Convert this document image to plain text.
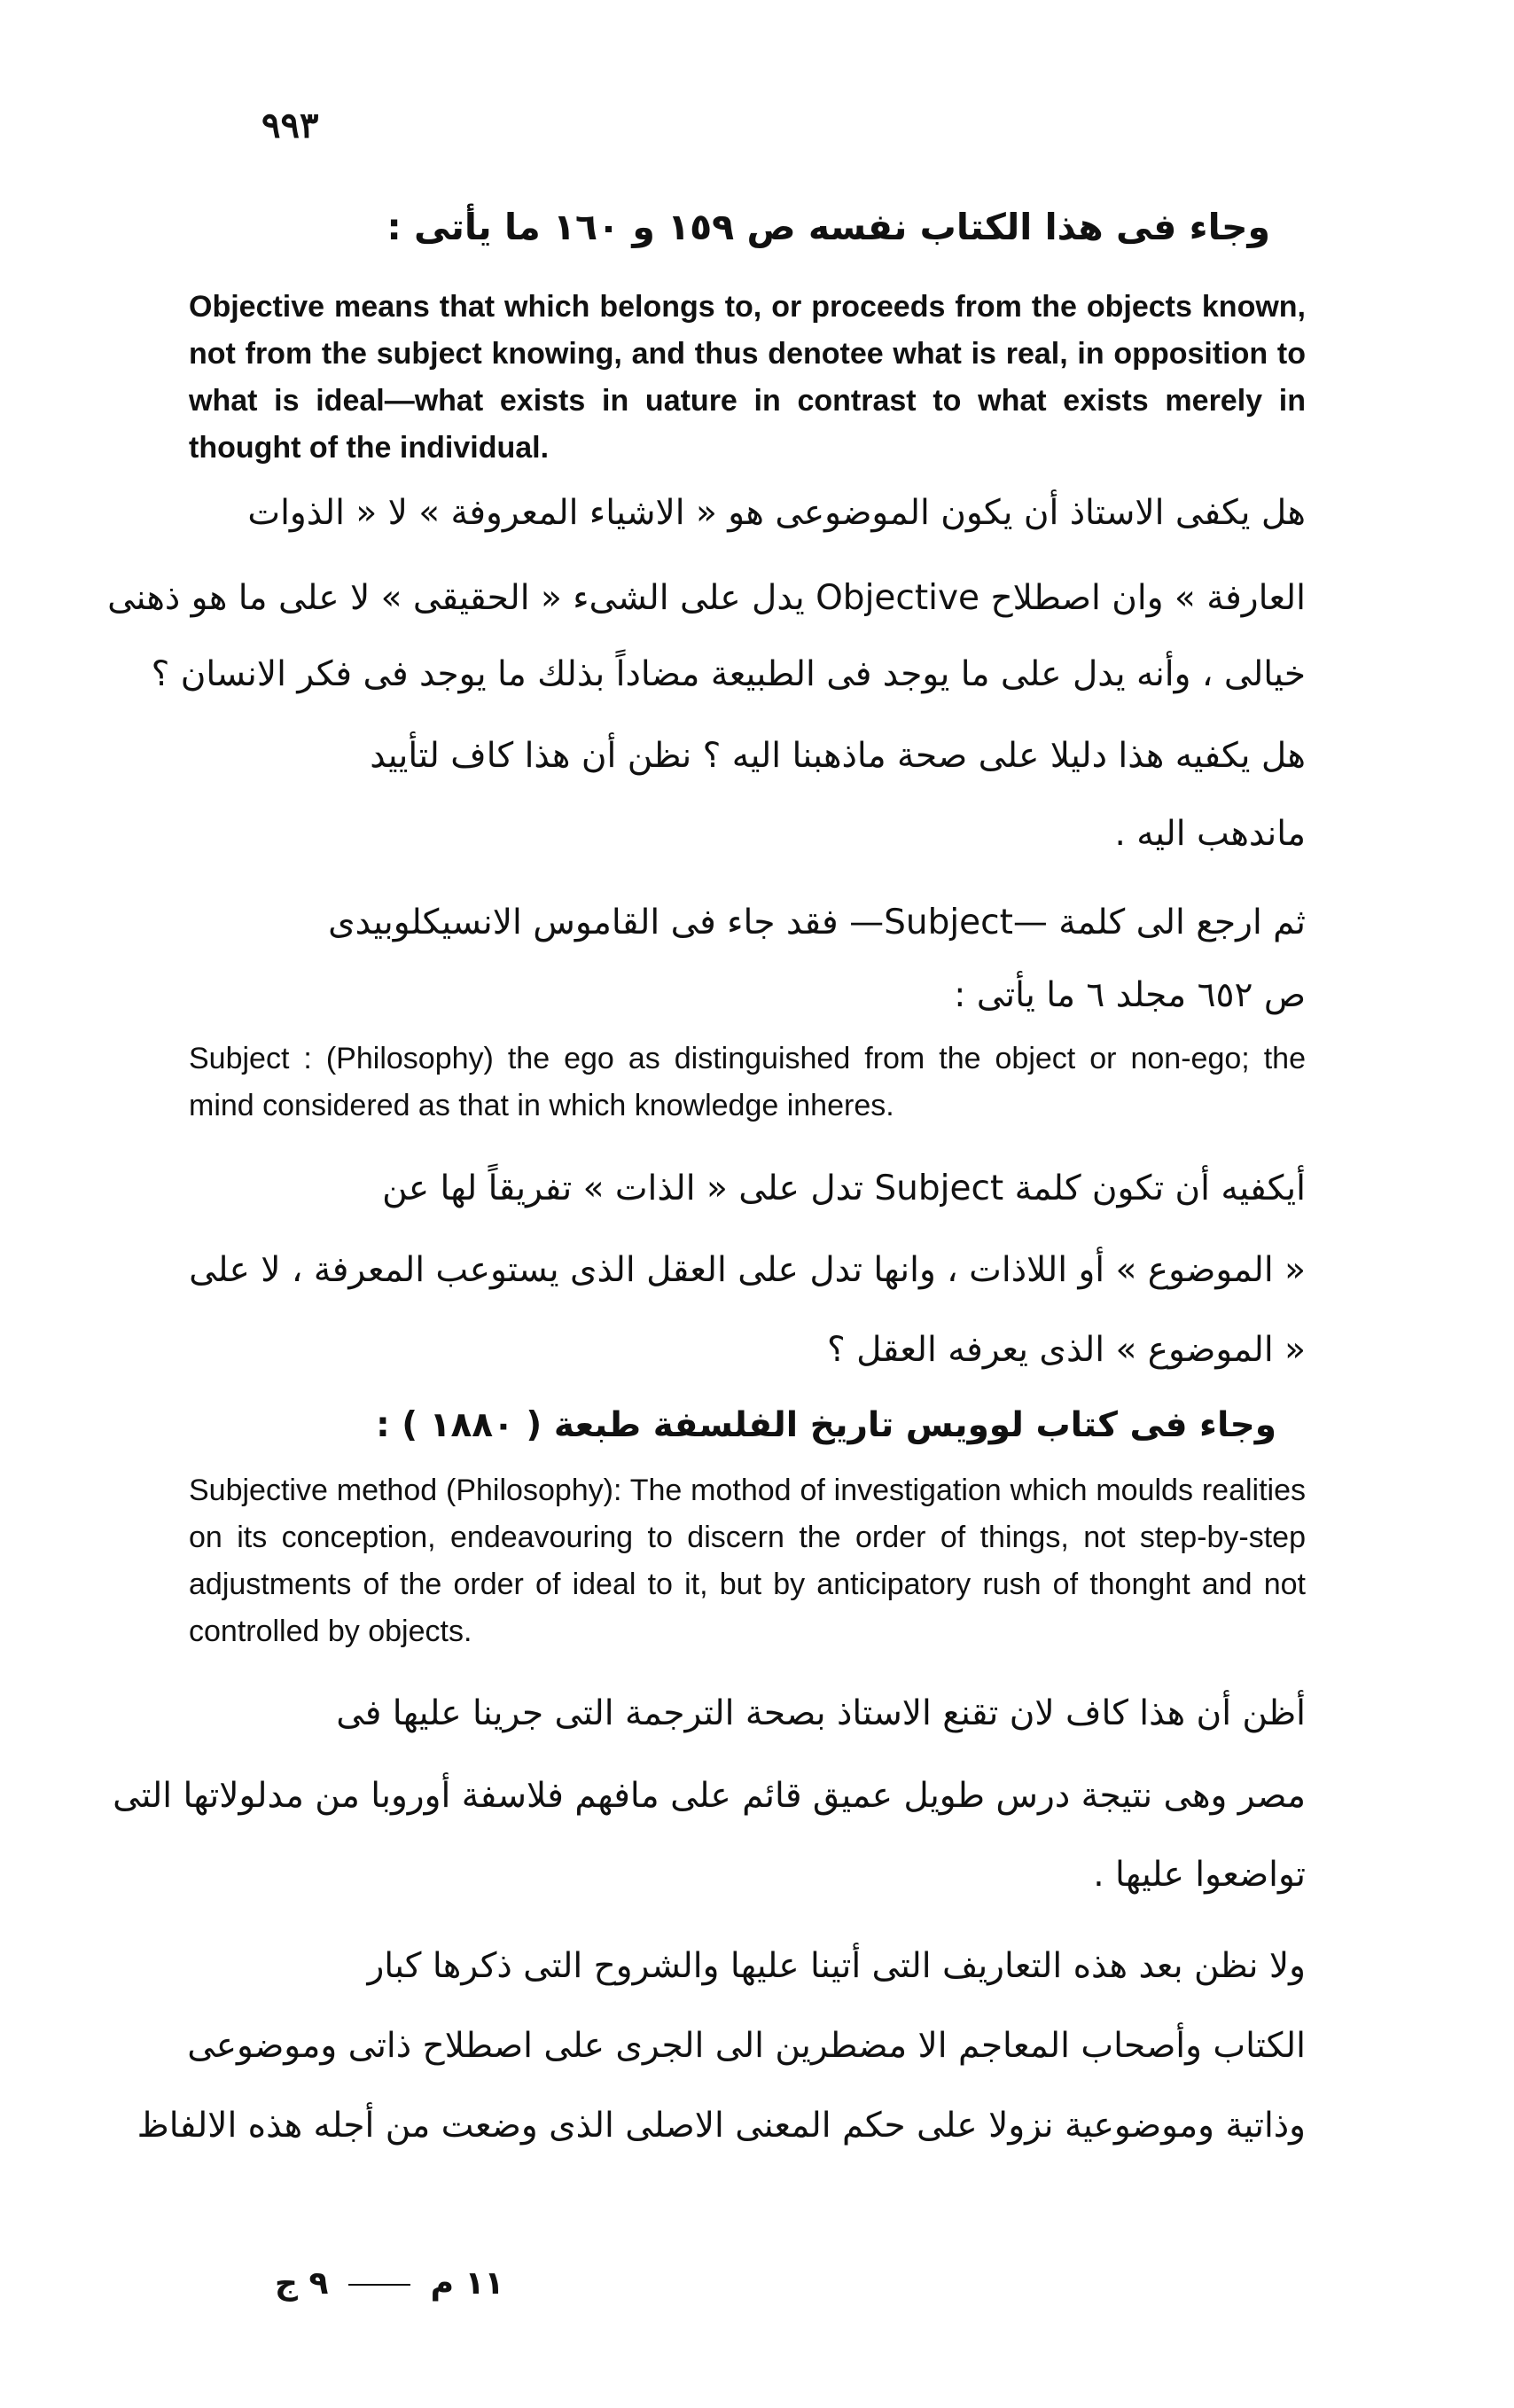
٩٩٣
وجاء فى هذا الكتاب نفسه ص ١٥٩ و ١٦٠ ما يأتى :
Objective means that which belongs to, or proceeds from the objects known, not from the subject knowing, and thus denotee what is real, in opposition to what is ideal—what exists in uature in contrast to what exists merely in thought of the individual.
هل يكفى الاستاذ أن يكون الموضوعى هو « الاشياء المعروفة » لا « الذوات
العارفة » وان اصطلاح Objective يدل على الشىء « الحقيقى » لا على ما هو ذهنى
خيالى ، وأنه يدل على ما يوجد فى الطبيعة مضاداً بذلك ما يوجد فى فكر الانسان ؟
هل يكفيه هذا دليلا على صحة ماذهبنا اليه ؟ نظن أن هذا كاف لتأييد
ماندهب اليه .
ثم ارجع الى كلمة —Subject— فقد جاء فى القاموس الانسيكلوبيدى
ص ٦٥٢ مجلد ٦ ما يأتى :
Subject : (Philosophy) the ego as distinguished from the object or non-ego; the mind considered as that in which knowledge inheres.
أيكفيه أن تكون كلمة Subject تدل على « الذات » تفريقاً لها عن
« الموضوع » أو اللاذات ، وانها تدل على العقل الذى يستوعب المعرفة ، لا على
« الموضوع » الذى يعرفه العقل ؟
وجاء فى كتاب لوويس تاريخ الفلسفة طبعة ( ١٨٨٠ ) :
Subjective method (Philosophy): The mothod of investigation which moulds realities on its conception, endeavouring to discern the order of things, not step-by-step adjustments of the order of ideal to it, but by anticipatory rush of thonght and not controlled by objects.
أظن أن هذا كاف لان تقنع الاستاذ بصحة الترجمة التى جرينا عليها فى
مصر وهى نتيجة درس طويل عميق قائم على مافهم فلاسفة أوروبا من مدلولاتها التى
تواضعوا عليها .
ولا نظن بعد هذه التعاريف التى أتينا عليها والشروح التى ذكرها كبار
الكتاب وأصحاب المعاجم الا مضطرين الى الجرى على اصطلاح ذاتى وموضوعى
وذاتية وموضوعية نزولا على حكم المعنى الاصلى الذى وضعت من أجله هذه الالفاظ
١١ م  ٩ ج
